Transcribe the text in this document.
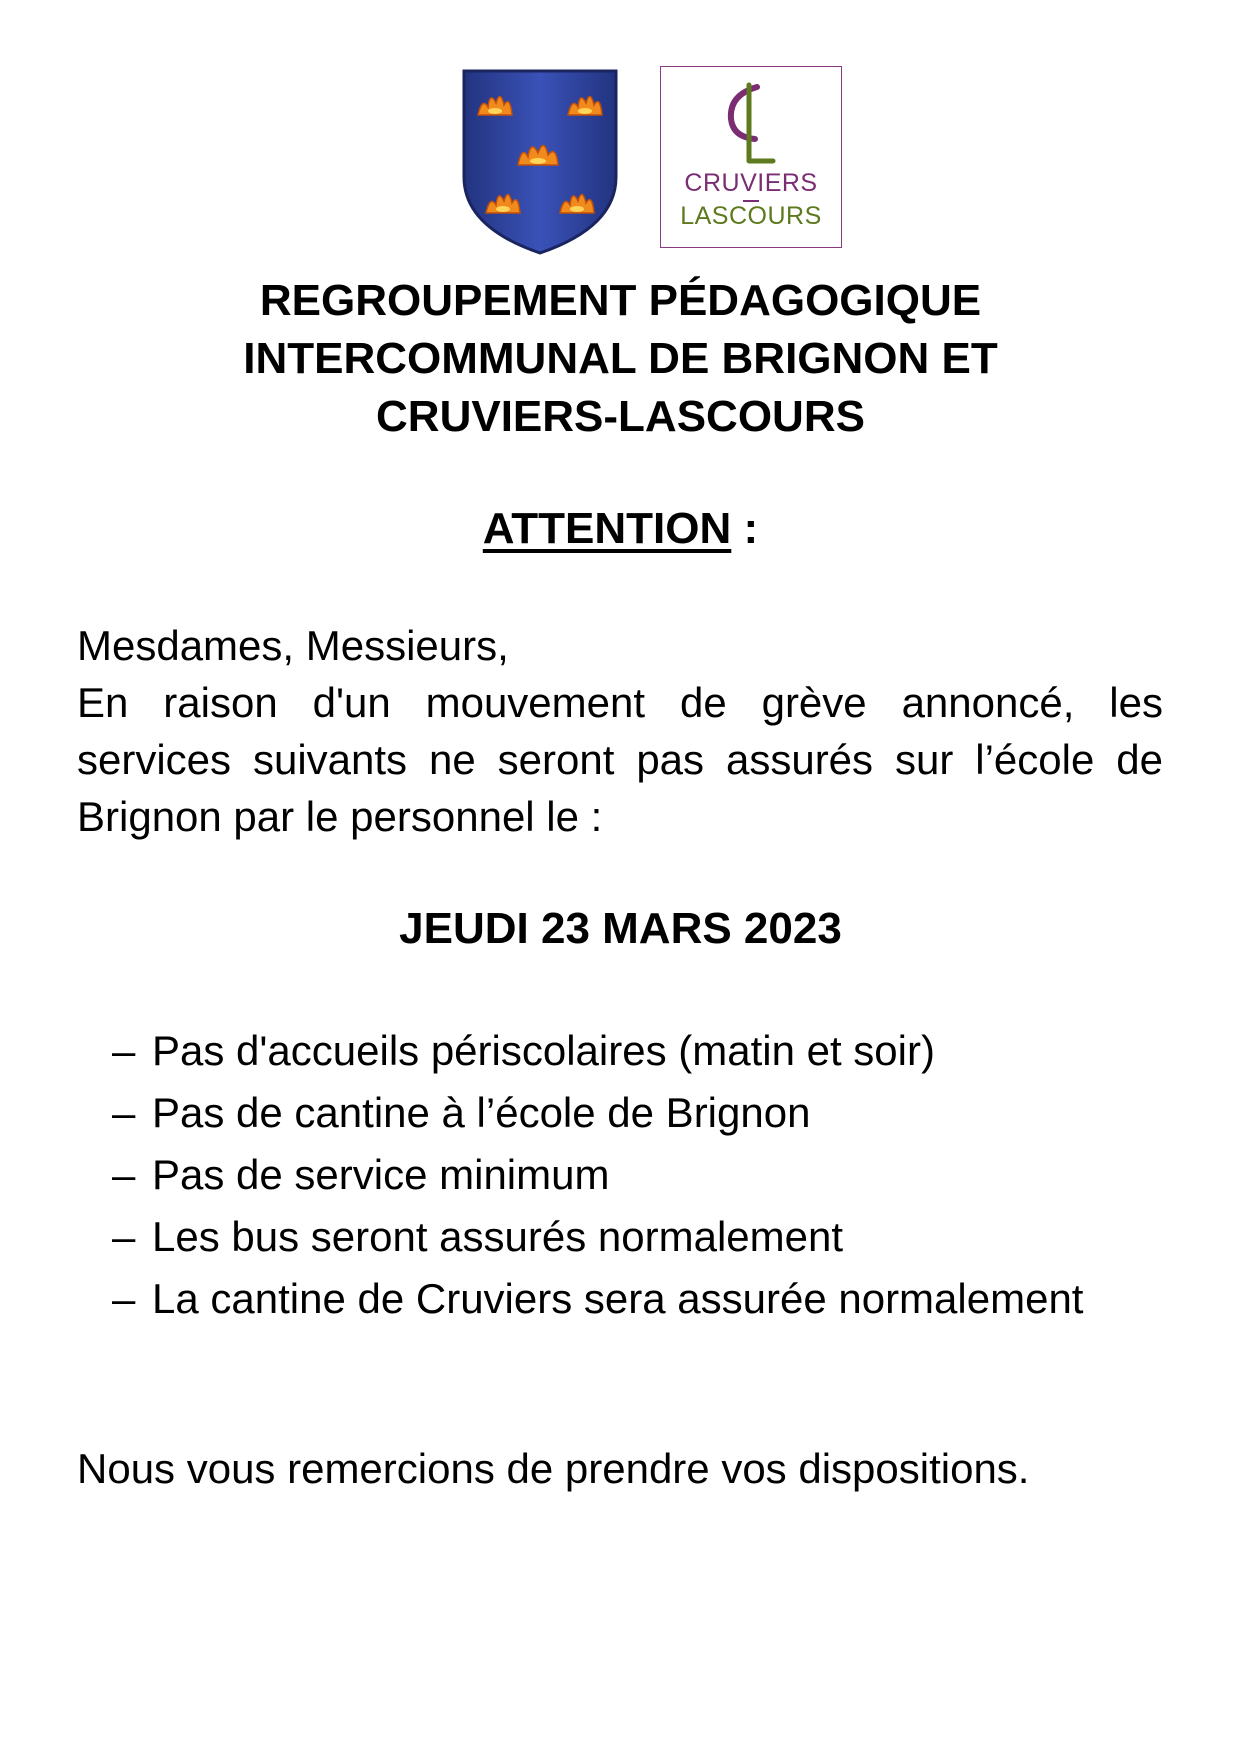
CRUVIERS
LASCOURS
REGROUPEMENT PÉDAGOGIQUE
INTERCOMMUNAL DE BRIGNON ET
CRUVIERS-LASCOURS
ATTENTION :
Mesdames, Messieurs,
En raison d'un mouvement de grève annoncé, les services suivants ne seront pas assurés sur l’école de Brignon par le personnel le :
JEUDI 23 MARS 2023
– Pas d'accueils périscolaires (matin et soir)
– Pas de cantine à l’école de Brignon
– Pas de service minimum
– Les bus seront assurés normalement
– La cantine de Cruviers sera assurée normalement
Nous vous remercions de prendre vos dispositions.
